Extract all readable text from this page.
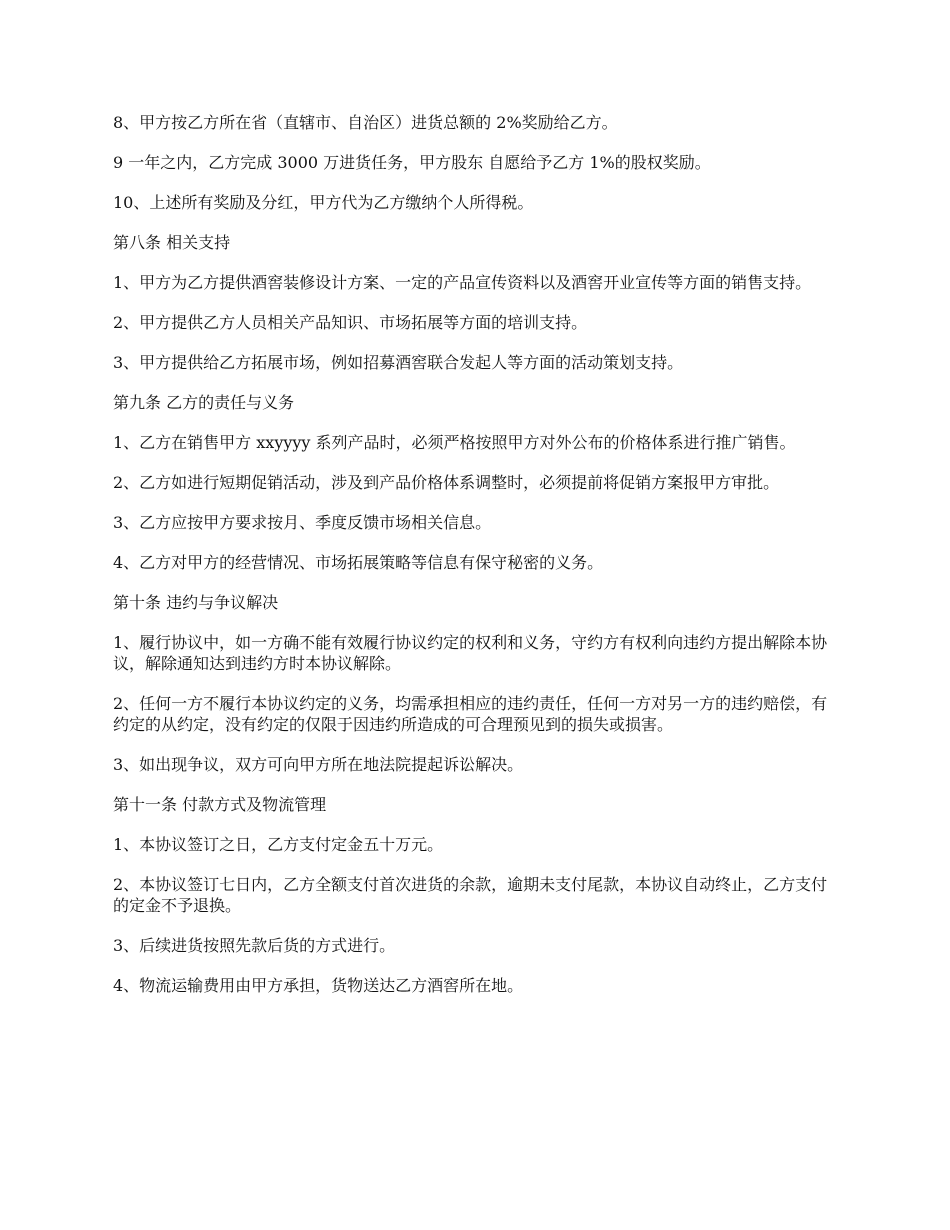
8、甲方按乙方所在省（直辖市、自治区）进货总额的 2%奖励给乙方。

9 一年之内，乙方完成 3000 万进货任务，甲方股东 自愿给予乙方 1%的股权奖励。

10、上述所有奖励及分红，甲方代为乙方缴纳个人所得税。

第八条 相关支持

1、甲方为乙方提供酒窖装修设计方案、一定的产品宣传资料以及酒窖开业宣传等方面的销售支持。

2、甲方提供乙方人员相关产品知识、市场拓展等方面的培训支持。

3、甲方提供给乙方拓展市场，例如招募酒窖联合发起人等方面的活动策划支持。

第九条 乙方的责任与义务

1、乙方在销售甲方 xxyyyy 系列产品时，必须严格按照甲方对外公布的价格体系进行推广销售。

2、乙方如进行短期促销活动，涉及到产品价格体系调整时，必须提前将促销方案报甲方审批。

3、乙方应按甲方要求按月、季度反馈市场相关信息。

4、乙方对甲方的经营情况、市场拓展策略等信息有保守秘密的义务。

第十条 违约与争议解决

1、履行协议中，如一方确不能有效履行协议约定的权利和义务，守约方有权利向违约方提出解除本协议，解除通知达到违约方时本协议解除。

2、任何一方不履行本协议约定的义务，均需承担相应的违约责任，任何一方对另一方的违约赔偿，有约定的从约定，没有约定的仅限于因违约所造成的可合理预见到的损失或损害。

3、如出现争议，双方可向甲方所在地法院提起诉讼解决。

第十一条 付款方式及物流管理

1、本协议签订之日，乙方支付定金五十万元。

2、本协议签订七日内，乙方全额支付首次进货的余款，逾期未支付尾款，本协议自动终止，乙方支付的定金不予退换。

3、后续进货按照先款后货的方式进行。

4、物流运输费用由甲方承担，货物送达乙方酒窖所在地。
